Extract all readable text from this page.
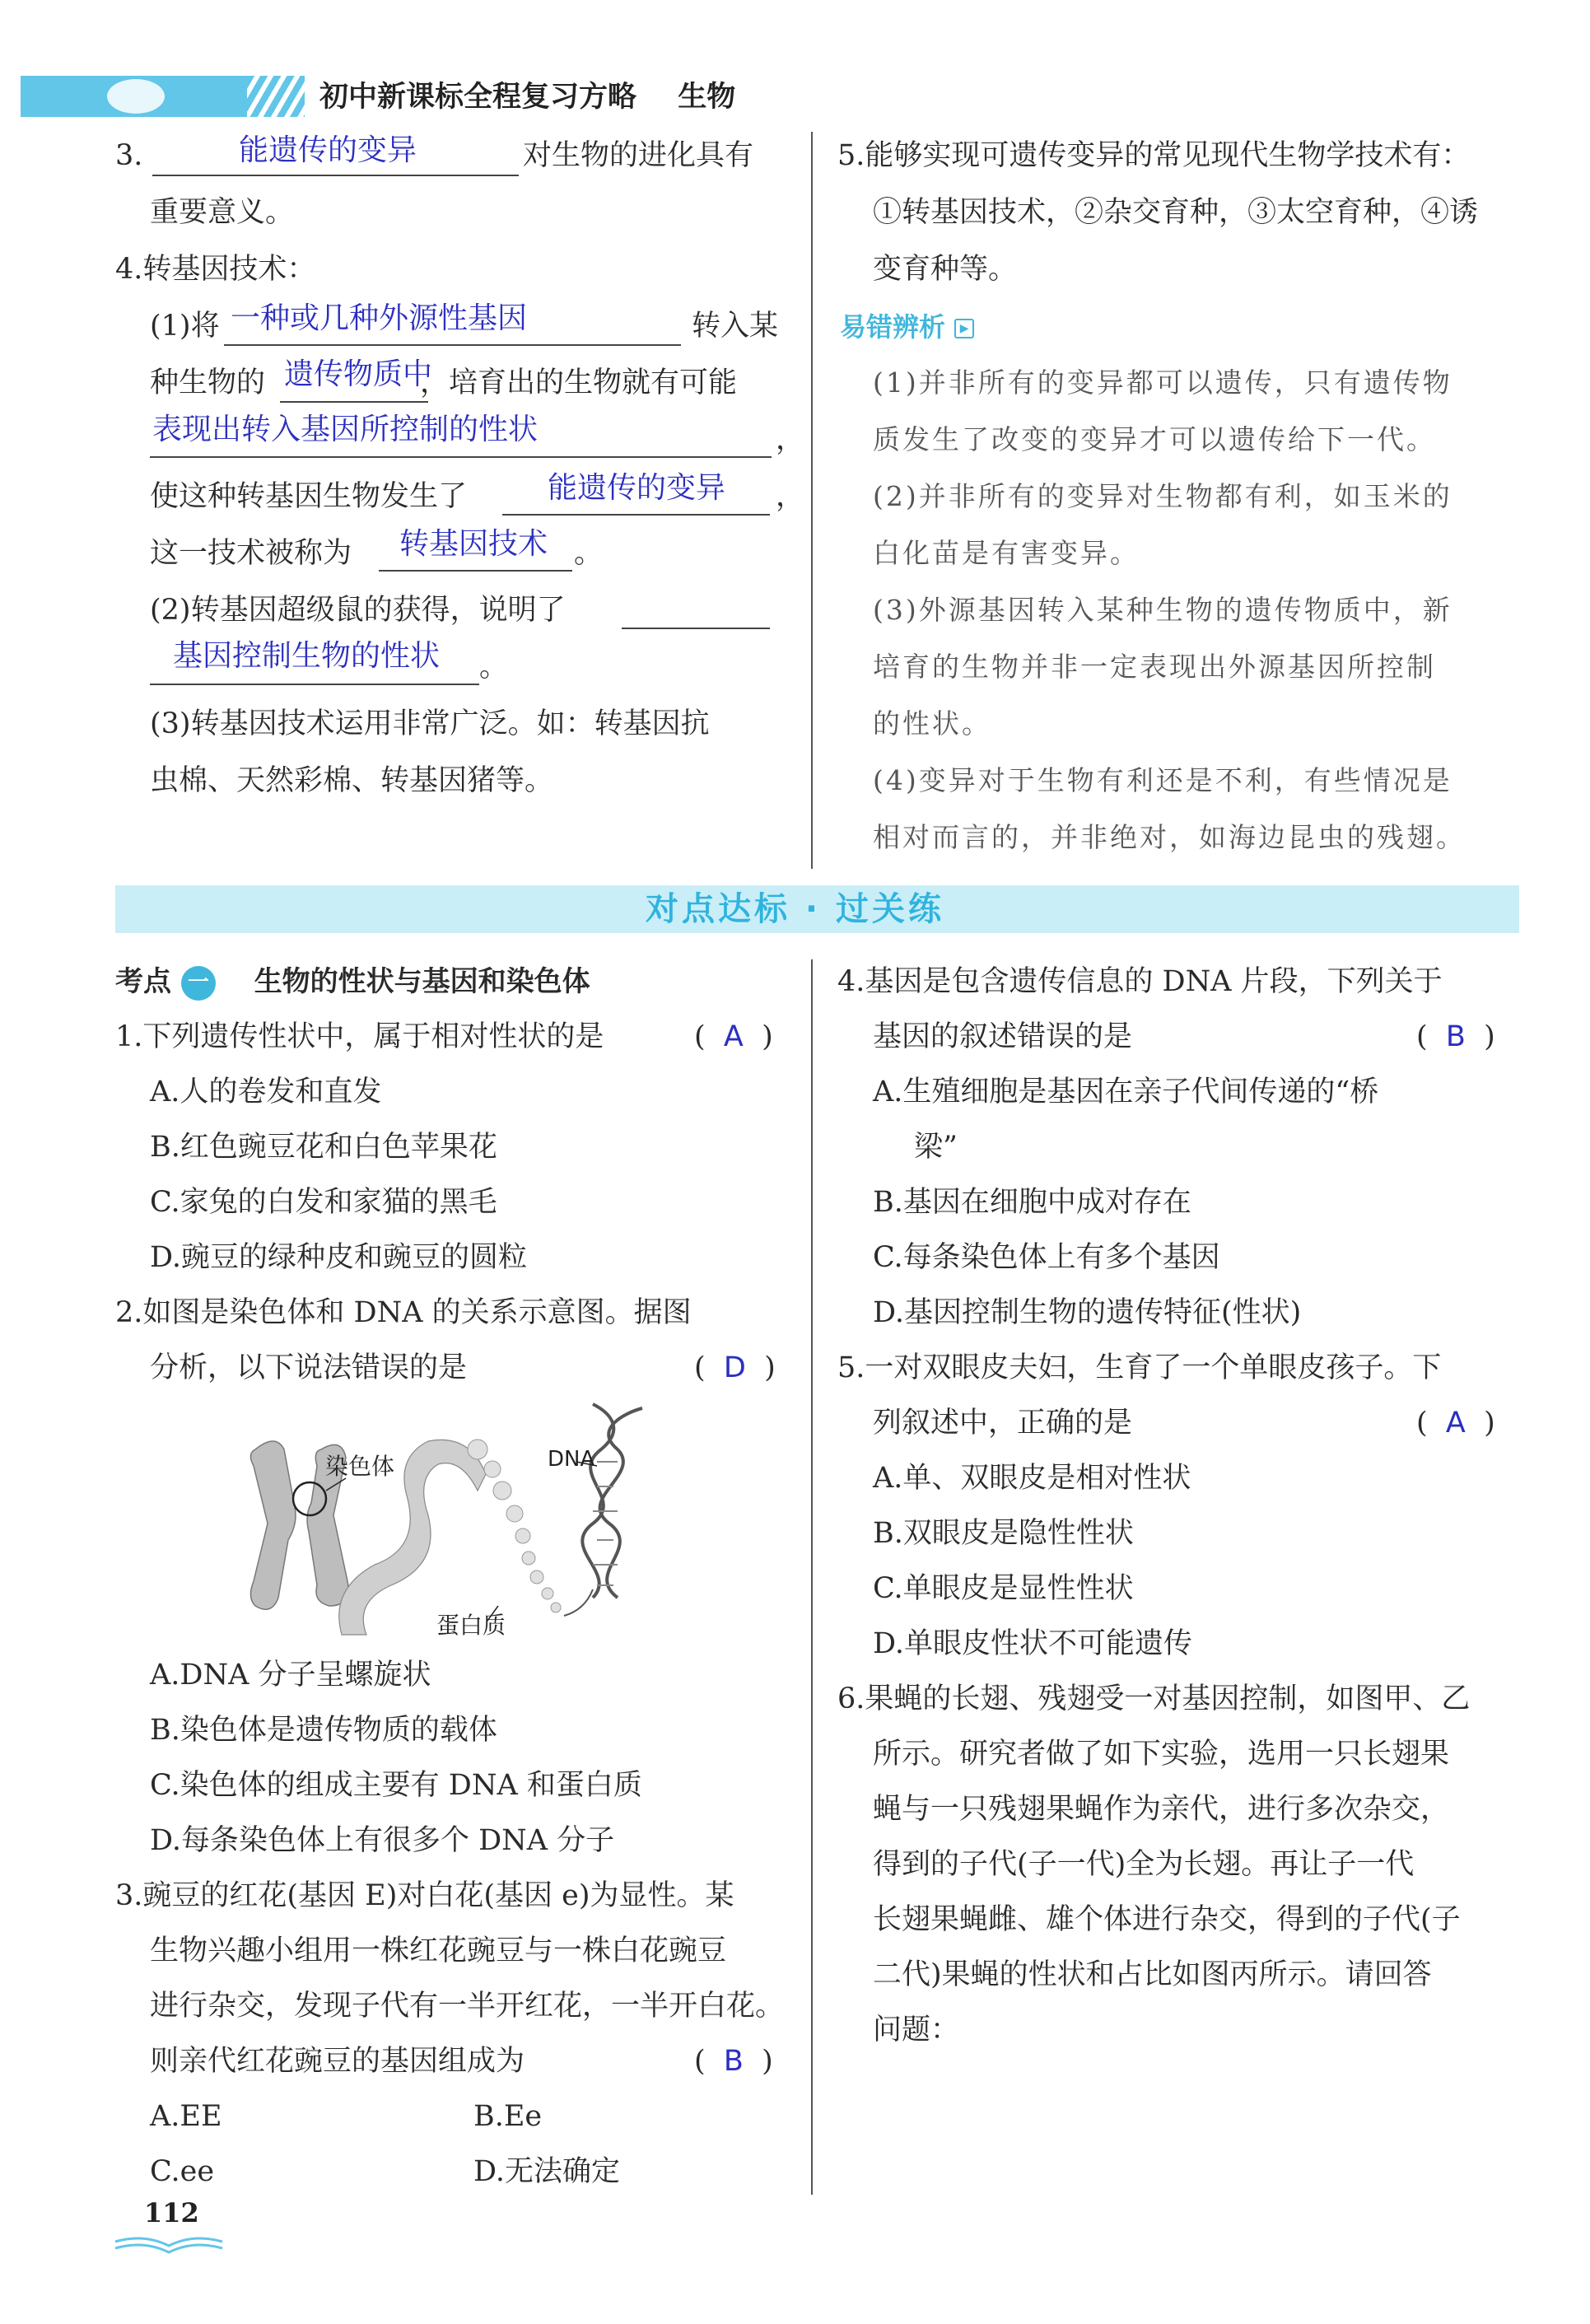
初中新课标全程复习方略 生物
3.	能遗传的变异	对生物的进化具有
重要意义。
4.转基因技术：
(1)将 一种或几种外源性基因	转入某
种生物的 遗传物质中
，培育出的生物就有可能
表现出转入基因所控制的性状	，
使这种转基因生物发生了	能遗传的变异 ，
这一技术被称为 转基因技术 。
(2)转基因超级鼠的获得，说明了
基因控制生物的性状 。
(3)转基因技术运用非常广泛。如：转基因抗
虫棉、天然彩棉、转基因猪等。
5.能够实现可遗传变异的常见现代生物学技术有：
①转基因技术，②杂交育种，③太空育种，④诱
变育种等。
易错辨析 ▶
(1)并非所有的变异都可以遗传，只有遗传物
质发生了改变的变异才可以遗传给下一代。
(2)并非所有的变异对生物都有利，如玉米的
白化苗是有害变异。
(3)外源基因转入某种生物的遗传物质中，新
培育的生物并非一定表现出外源基因所控制
的性状。
(4)变异对于生物有利还是不利，有些情况是
相对而言的，并非绝对，如海边昆虫的残翅。
对点达标 · 过关练
考点 一 生物的性状与基因和染色体
1.下列遗传性状中，属于相对性状的是	(  A  )
A.人的卷发和直发
B.红色豌豆花和白色苹果花
C.家兔的白发和家猫的黑毛
D.豌豆的绿种皮和豌豆的圆粒
2.如图是染色体和 DNA 的关系示意图。据图
分析，以下说法错误的是	(  D  )
染色体	DNA
蛋白质
A.DNA 分子呈螺旋状
B.染色体是遗传物质的载体
C.染色体的组成主要有 DNA 和蛋白质
D.每条染色体上有很多个 DNA 分子
3.豌豆的红花(基因 E)对白花(基因 e)为显性。某
生物兴趣小组用一株红花豌豆与一株白花豌豆
进行杂交，发现子代有一半开红花，一半开白花。
则亲代红花豌豆的基因组成为	(  B  )
A.EE	B.Ee
C.ee	D.无法确定
4.基因是包含遗传信息的 DNA 片段，下列关于
基因的叙述错误的是	(  B  )
A.生殖细胞是基因在亲子代间传递的“桥
梁”
B.基因在细胞中成对存在
C.每条染色体上有多个基因
D.基因控制生物的遗传特征(性状)
5.一对双眼皮夫妇，生育了一个单眼皮孩子。下
列叙述中，正确的是	(  A  )
A.单、双眼皮是相对性状
B.双眼皮是隐性性状
C.单眼皮是显性性状
D.单眼皮性状不可能遗传
6.果蝇的长翅、残翅受一对基因控制，如图甲、乙
所示。研究者做了如下实验，选用一只长翅果
蝇与一只残翅果蝇作为亲代，进行多次杂交，
得到的子代(子一代)全为长翅。再让子一代
长翅果蝇雌、雄个体进行杂交，得到的子代(子
二代)果蝇的性状和占比如图丙所示。请回答
问题：
112
